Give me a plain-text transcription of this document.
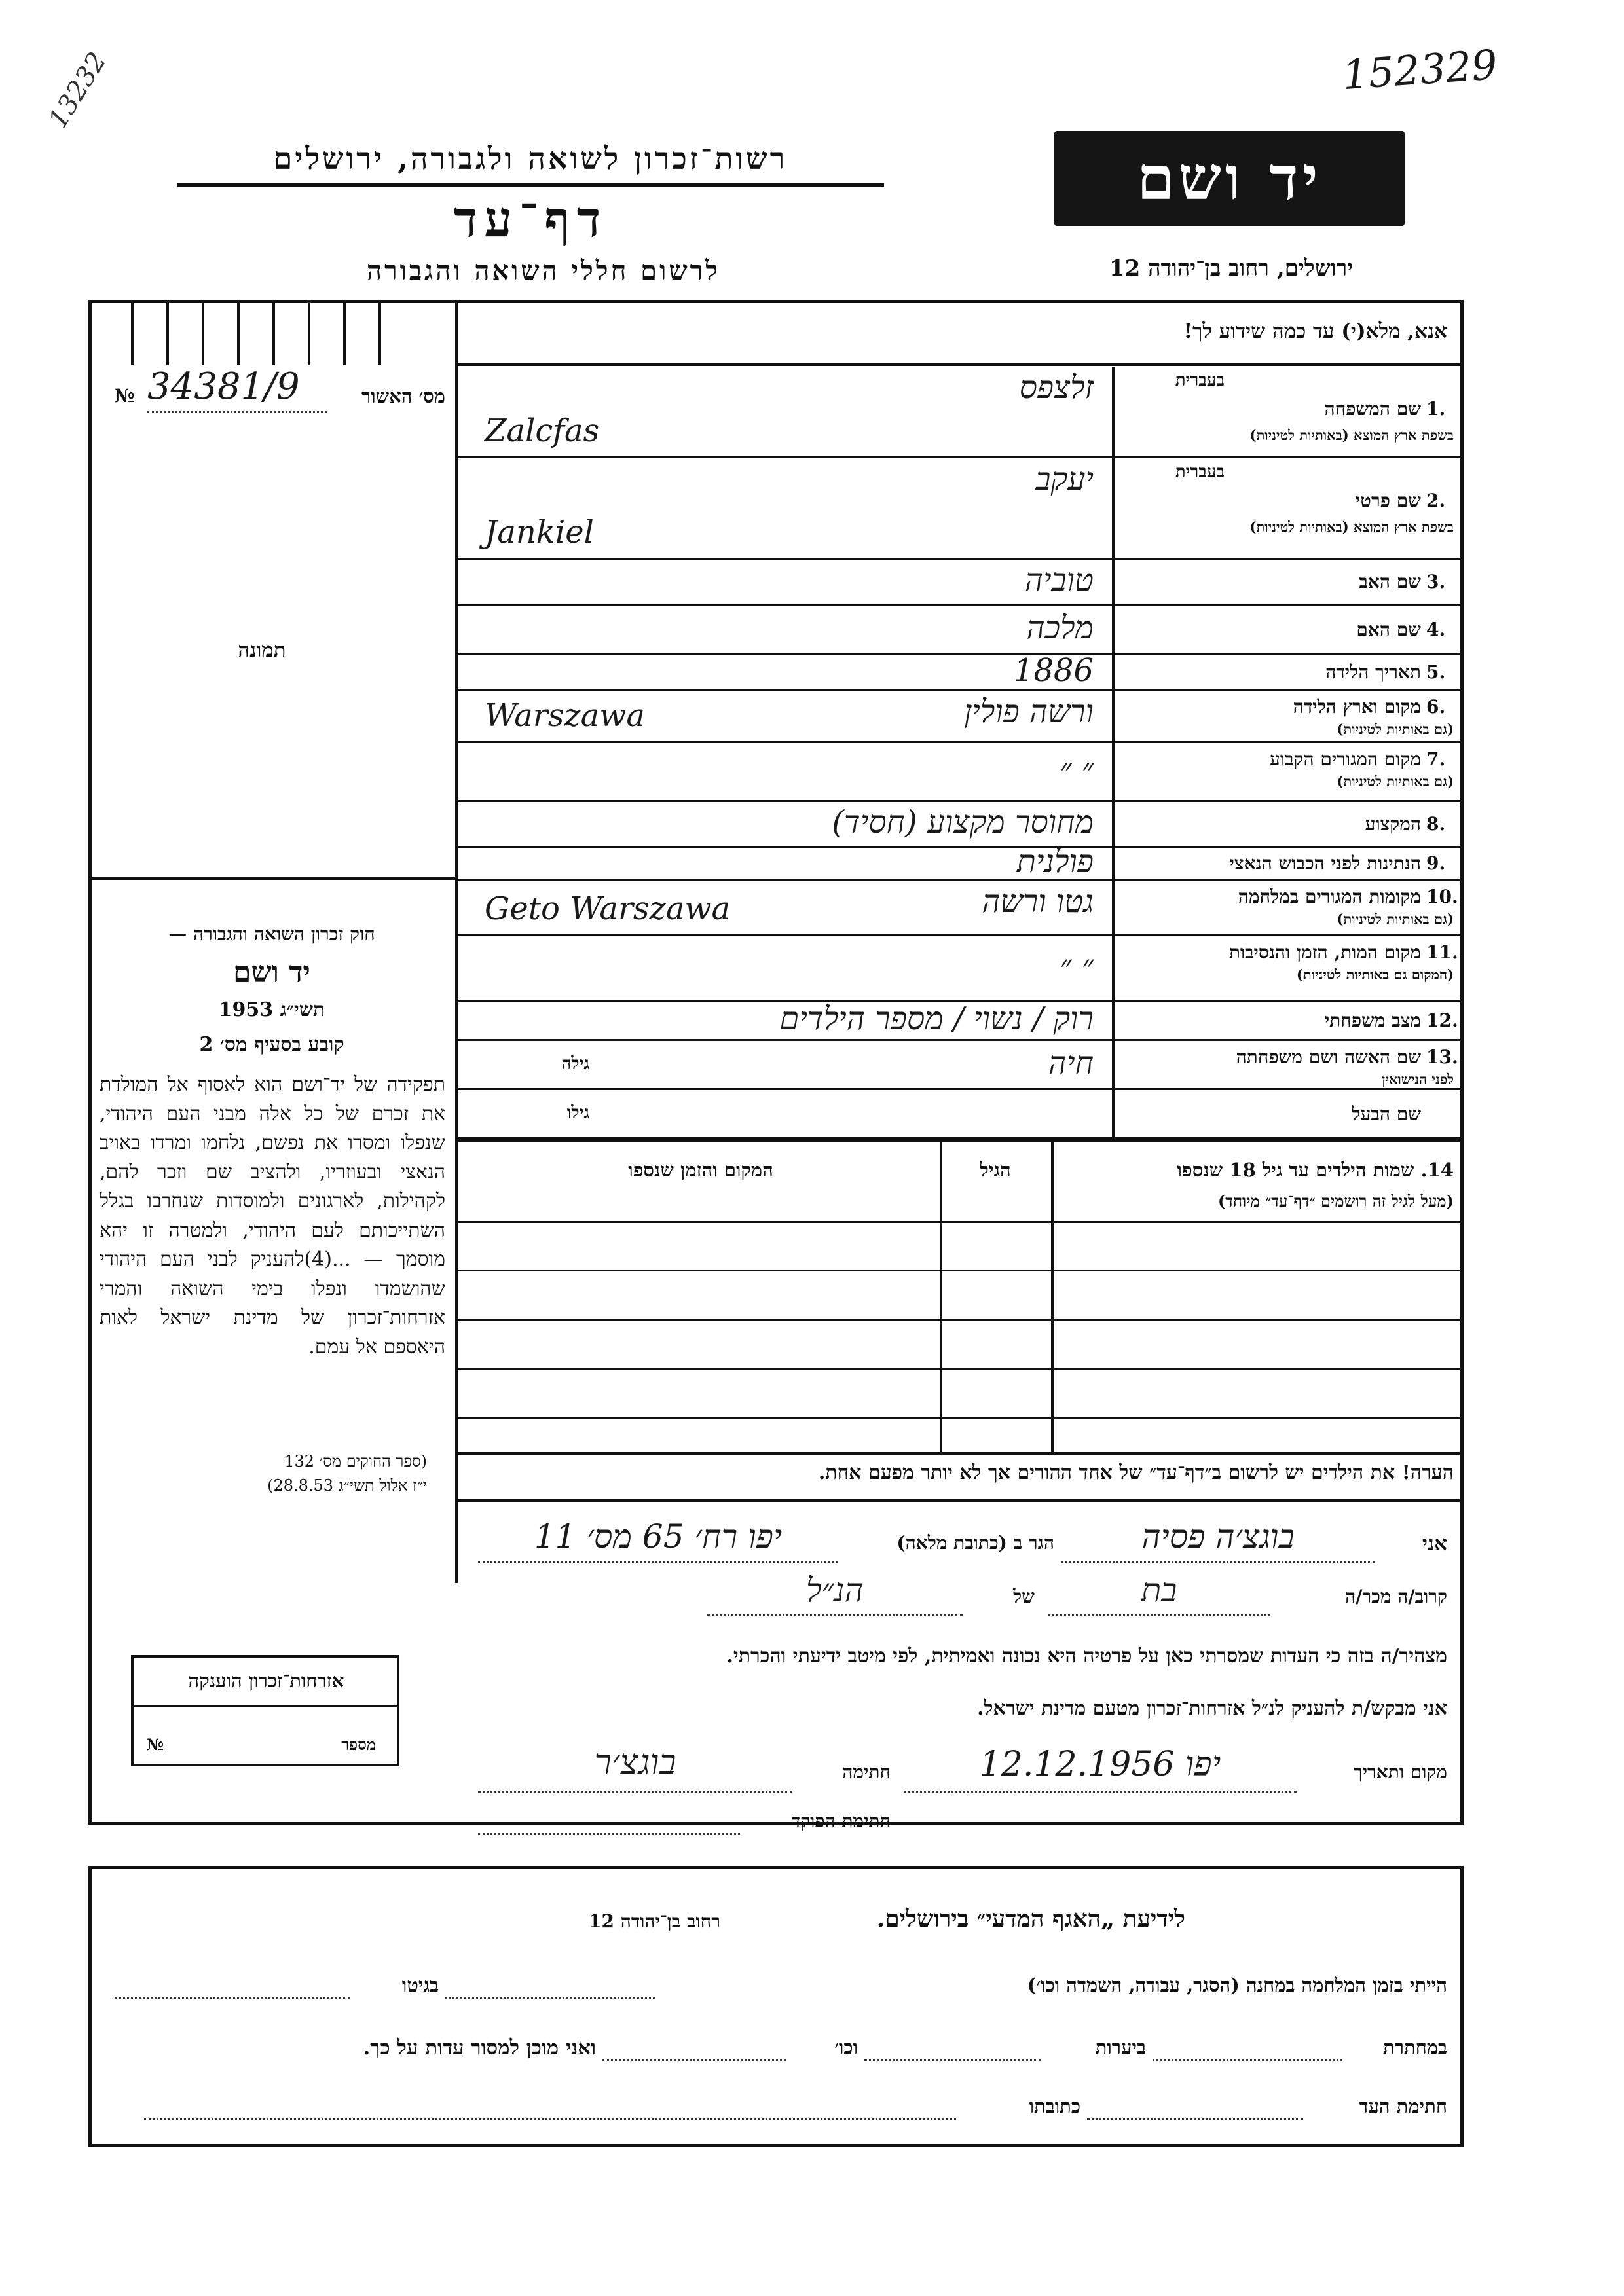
152329
13232
רשות־זכרון לשואה ולגבורה, ירושלים
דף־עד
לרשום חללי השואה והגבורה
יד ושם
ירושלים, רחוב בן־יהודה 12
אנא, מלא(י) עד כמה שידוע לך!
№ 34381/9	מס׳ האשור
תמונה
חוק זכרון השואה והגבורה —
יד ושם
תשי״ג 1953
קובע בסעיף מס׳ 2
תפקידה של יד־ושם הוא לאסוף אל המולדת את זכרם של כל אלה מבני העם היהודי, שנפלו ומסרו את נפשם, נלחמו ומרדו באויב הנאצי ובעוזריו, ולהציב שם וזכר להם, לקהילות, לארגונים ולמוסדות שנחרבו בגלל השתייכותם לעם היהודי, ולמטרה זו יהא מוסמך — ...(4)להעניק לבני העם היהודי שהושמדו ונפלו בימי השואה והמרי אזרחות־זכרון של מדינת ישראל לאות היאספם אל עמם.
(ספר החוקים מס׳ 132
י״ז אלול תשי״ג 28.8.53)
אזרחות־זכרון הוענקה
№	מספר
שם המשפחה 1.
בעברית
בשפת ארץ המוצא (באותיות לטיניות)
זלצפס
Zalcfas
שם פרטי 2.
בעברית
בשפת ארץ המוצא (באותיות לטיניות)
יעקב
Jankiel
שם האב 3.
טוביה
שם האם 4.
מלכה
תאריך הלידה 5.
1886
מקום וארץ הלידה 6.
(גם באותיות לטיניות)
ורשה פולין
Warszawa
מקום המגורים הקבוע 7.
(גם באותיות לטיניות)
״ ״
המקצוע 8.
מחוסר מקצוע (חסיד)
הנתינות לפני הכבוש הנאצי 9.
פולנית
מקומות המגורים במלחמה 10.
(גם באותיות לטיניות)
גטו ורשה
Geto Warszawa
מקום המות, הזמן והנסיבות 11.
(המקום גם באותיות לטיניות)
״ ״
מצב משפחתי 12.
רוק / נשוי / מספר הילדים
שם האשה ושם משפחתה 13.
לפני הנישואין
חיה
גילה
שם הבעל
גילו
14. שמות הילדים עד גיל 18 שנספו
(מעל לגיל זה רושמים ״דף־עד״ מיוחד)
הגיל
המקום והזמן שנספו
הערה! את הילדים יש לרשום ב״דף־עד״ של אחד ההורים אך לא יותר מפעם אחת.
אני
בוגצ׳ה פסיה
הגר ב (כתובת מלאה)
יפו רח׳ 65 מס׳ 11
קרוב/ה מכר/ה
בת
של
הנ״ל
מצהיר/ה בזה כי העדות שמסרתי כאן על פרטיה היא נכונה ואמיתית, לפי מיטב ידיעתי והכרתי.
אני מבקש/ת להעניק לנ״ל אזרחות־זכרון מטעם מדינת ישראל.
מקום ותאריך
יפו 12.12.1956
חתימה
בוגצ׳ר
חתימת הפוקד
לידיעת „האגף המדעי״ בירושלים.
רחוב בן־יהודה 12
הייתי בזמן המלחמה במחנה (הסגר, עבודה, השמדה וכו׳)
בגיטו
במחתרת
ביערות
וכו׳
ואני מוכן למסור עדות על כך.
חתימת העד
כתובתו
